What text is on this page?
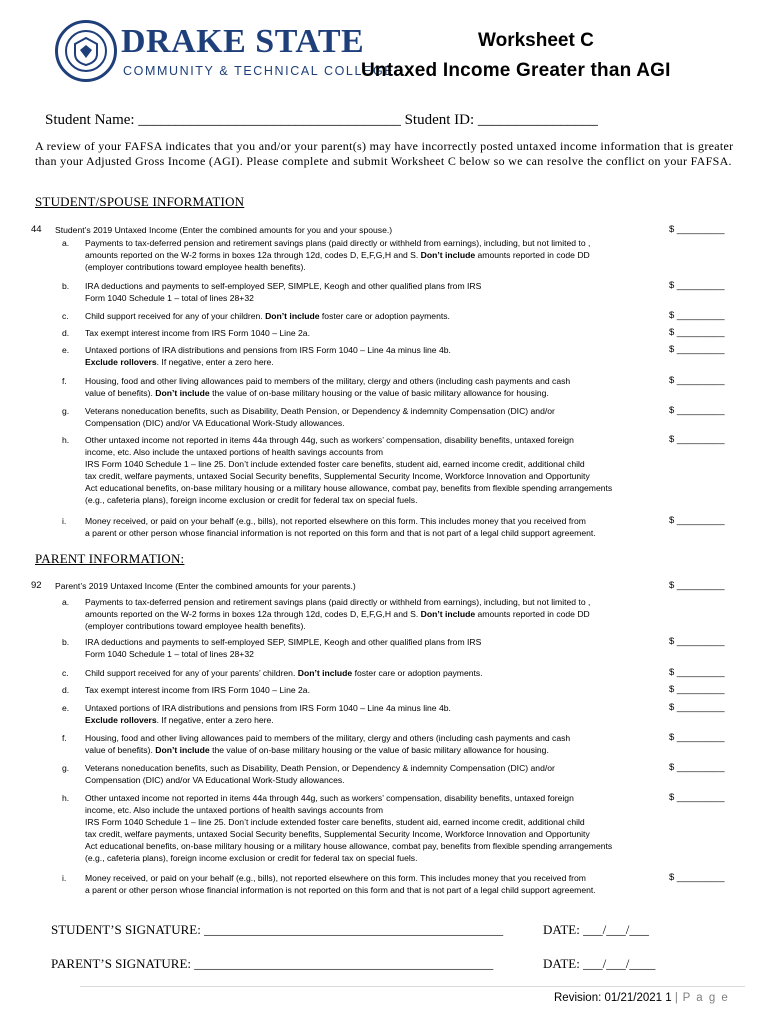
DRAKE STATE
COMMUNITY & TECHNICAL COLLEGE
Worksheet C
Untaxed Income Greater than AGI
Student Name: ___________________________________ Student ID: ________________
A review of your FAFSA indicates that you and/or your parent(s) may have incorrectly posted untaxed income information that is greater than your Adjusted Gross Income (AGI). Please complete and submit Worksheet C below so we can resolve the conflict on your FAFSA.
STUDENT/SPOUSE INFORMATION
44 Student’s 2019 Untaxed Income (Enter the combined amounts for you and your spouse.)	$ _________
a. Payments to tax-deferred pension and retirement savings plans (paid directly or withheld from earnings), including, but not limited to ,
amounts reported on the W-2 forms in boxes 12a through 12d, codes D, E,F,G,H and S. Don’t include amounts reported in code DD
(employer contributions toward employee health benefits).
b. IRA deductions and payments to self-employed SEP, SIMPLE, Keogh and other qualified plans from IRS
Form 1040 Schedule 1 – total of lines 28+32
$ _________
c. Child support received for any of your children. Don’t include foster care or adoption payments.	$ _________
d. Tax exempt interest income from IRS Form 1040 – Line 2a.	$ _________
e. Untaxed portions of IRA distributions and pensions from IRS Form 1040 – Line 4a minus line 4b.
Exclude rollovers. If negative, enter a zero here.
$ _________
f. Housing, food and other living allowances paid to members of the military, clergy and others (including cash payments and cash
value of benefits). Don’t include the value of on-base military housing or the value of basic military allowance for housing.
$ _________
g. Veterans noneducation benefits, such as Disability, Death Pension, or Dependency & indemnity Compensation (DIC) and/or
Compensation (DIC) and/or VA Educational Work-Study allowances.
$ _________
h. Other untaxed income not reported in items 44a through 44g, such as workers’ compensation, disability benefits, untaxed foreign
income, etc. Also include the untaxed portions of health savings accounts from
IRS Form 1040 Schedule 1 – line 25. Don’t include extended foster care benefits, student aid, earned income credit, additional child
tax credit, welfare payments, untaxed Social Security benefits, Supplemental Security Income, Workforce Innovation and Opportunity
Act educational benefits, on-base military housing or a military house allowance, combat pay, benefits from flexible spending arrangements
(e.g., cafeteria plans), foreign income exclusion or credit for federal tax on special fuels.
$ _________
i. Money received, or paid on your behalf (e.g., bills), not reported elsewhere on this form. This includes money that you received from
a parent or other person whose financial information is not reported on this form and that is not part of a legal child support agreement.
$ _________
PARENT INFORMATION:
92 Parent’s 2019 Untaxed Income (Enter the combined amounts for your parents.)	$ _________
a. Payments to tax-deferred pension and retirement savings plans (paid directly or withheld from earnings), including, but not limited to ,
amounts reported on the W-2 forms in boxes 12a through 12d, codes D, E,F,G,H and S. Don’t include amounts reported in code DD
(employer contributions toward employee health benefits).
b. IRA deductions and payments to self-employed SEP, SIMPLE, Keogh and other qualified plans from IRS
Form 1040 Schedule 1 – total of lines 28+32
$ _________
c. Child support received for any of your parents’ children. Don’t include foster care or adoption payments.	$ _________
d. Tax exempt interest income from IRS Form 1040 – Line 2a.	$ _________
e. Untaxed portions of IRA distributions and pensions from IRS Form 1040 – Line 4a minus line 4b.
Exclude rollovers. If negative, enter a zero here.
$ _________
f. Housing, food and other living allowances paid to members of the military, clergy and others (including cash payments and cash
value of benefits). Don’t include the value of on-base military housing or the value of basic military allowance for housing.
$ _________
g. Veterans noneducation benefits, such as Disability, Death Pension, or Dependency & indemnity Compensation (DIC) and/or
Compensation (DIC) and/or VA Educational Work-Study allowances.
$ _________
h. Other untaxed income not reported in items 44a through 44g, such as workers’ compensation, disability benefits, untaxed foreign
income, etc. Also include the untaxed portions of health savings accounts from
IRS Form 1040 Schedule 1 – line 25. Don’t include extended foster care benefits, student aid, earned income credit, additional child
tax credit, welfare payments, untaxed Social Security benefits, Supplemental Security Income, Workforce Innovation and Opportunity
Act educational benefits, on-base military housing or a military house allowance, combat pay, benefits from flexible spending arrangements
(e.g., cafeteria plans), foreign income exclusion or credit for federal tax on special fuels.
$ _________
i. Money received, or paid on your behalf (e.g., bills), not reported elsewhere on this form. This includes money that you received from
a parent or other person whose financial information is not reported on this form and that is not part of a legal child support agreement.
$ _________
STUDENT’S SIGNATURE: ______________________________________________	DATE: ___/___/___
PARENT’S SIGNATURE: ______________________________________________	DATE: ___/___/____
Revision: 01/21/2021 1 | P a g e
